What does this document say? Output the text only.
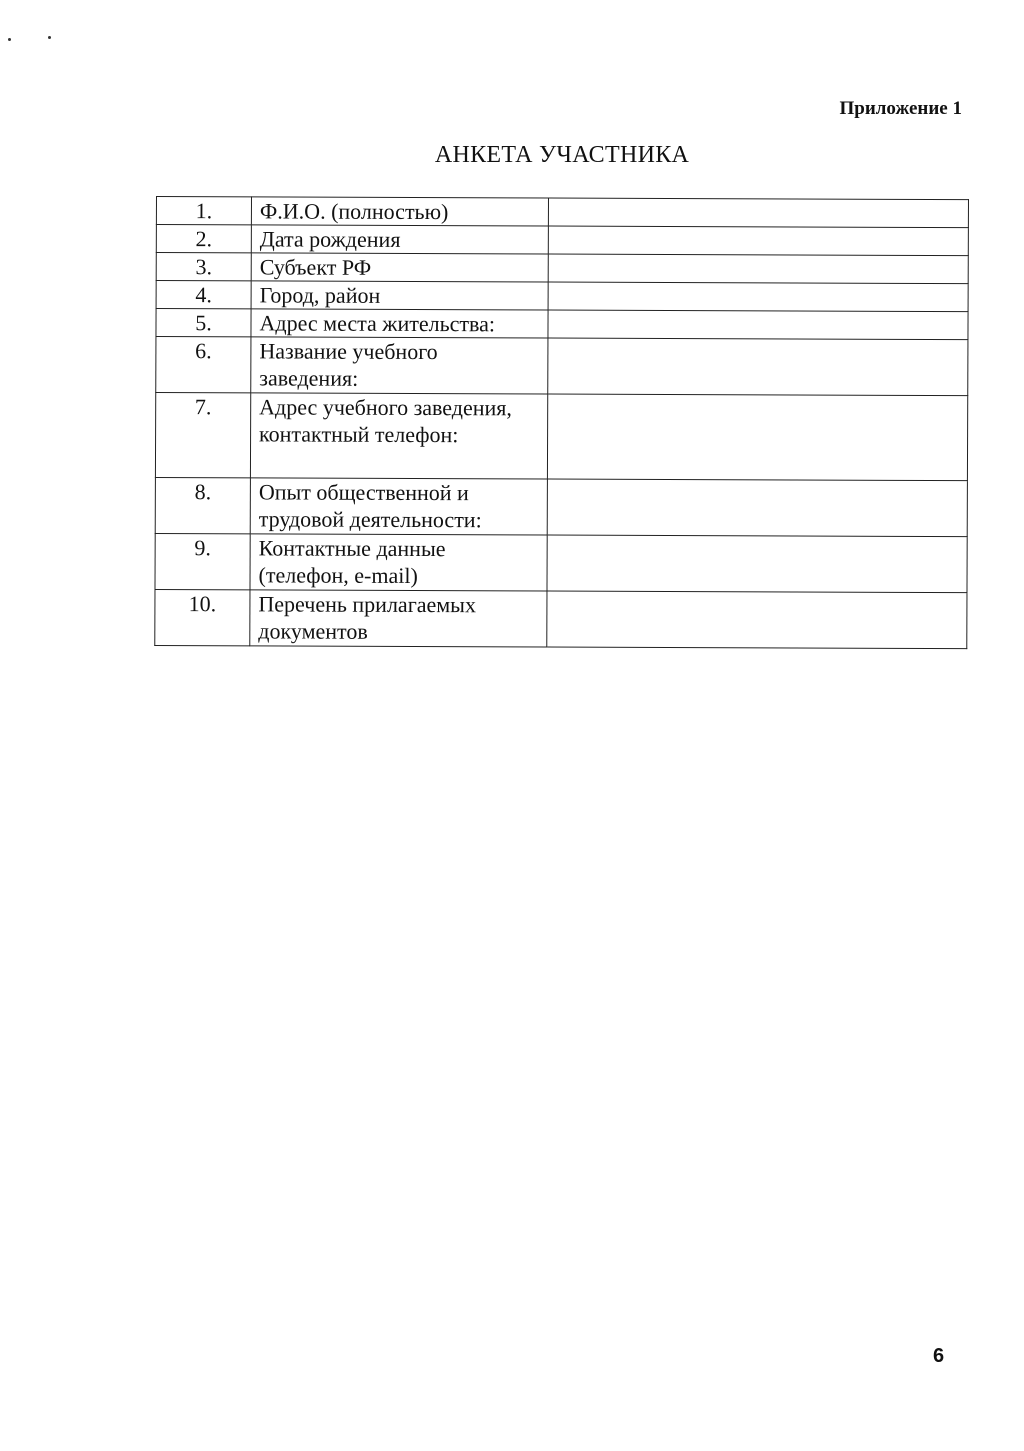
Приложение 1
АНКЕТА УЧАСТНИКА
1.	Ф.И.О. (полностью)	
2.	Дата рождения	
3.	Субъект РФ	
4.	Город, район	
5.	Адрес места жительства:	
6.	Название учебного заведения:	
7.	Адрес учебного заведения, контактный телефон:	
8.	Опыт общественной и трудовой деятельности:	
9.	Контактные данные (телефон, e-mail)	
10.	Перечень прилагаемых документов	
6
